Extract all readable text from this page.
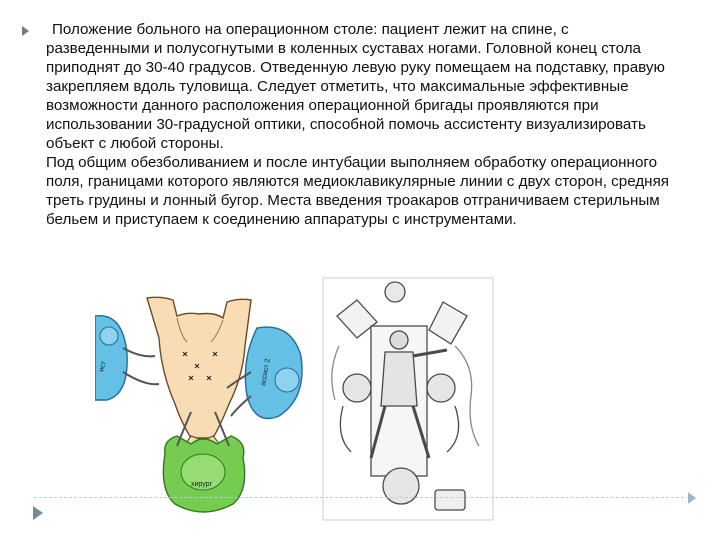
Положение больного на операционном столе: пациент лежит на спине, с разведенными и полусогнутыми в коленных суставах ногами. Головной конец стола приподнят до 30-40 градусов. Отведенную левую руку помещаем на подставку, правую закрепляем вдоль туловища. Следует отметить, что максимальные эффективные возможности данного расположения операционной бригады проявляются при использовании 30-градусной оптики, способной помочь ассистенту визуализировать объект с любой стороны.

Под общим обезболиванием и после интубации выполняем обработку операционного поля, границами которого являются медиоклавикулярные линии с двух сторон, средняя треть грудины и лонный бугор. Места введения троакаров отграничиваем стерильным бельем и приступаем к соединению аппаратуры с инструментами.

ист	ассист 2
хирург
